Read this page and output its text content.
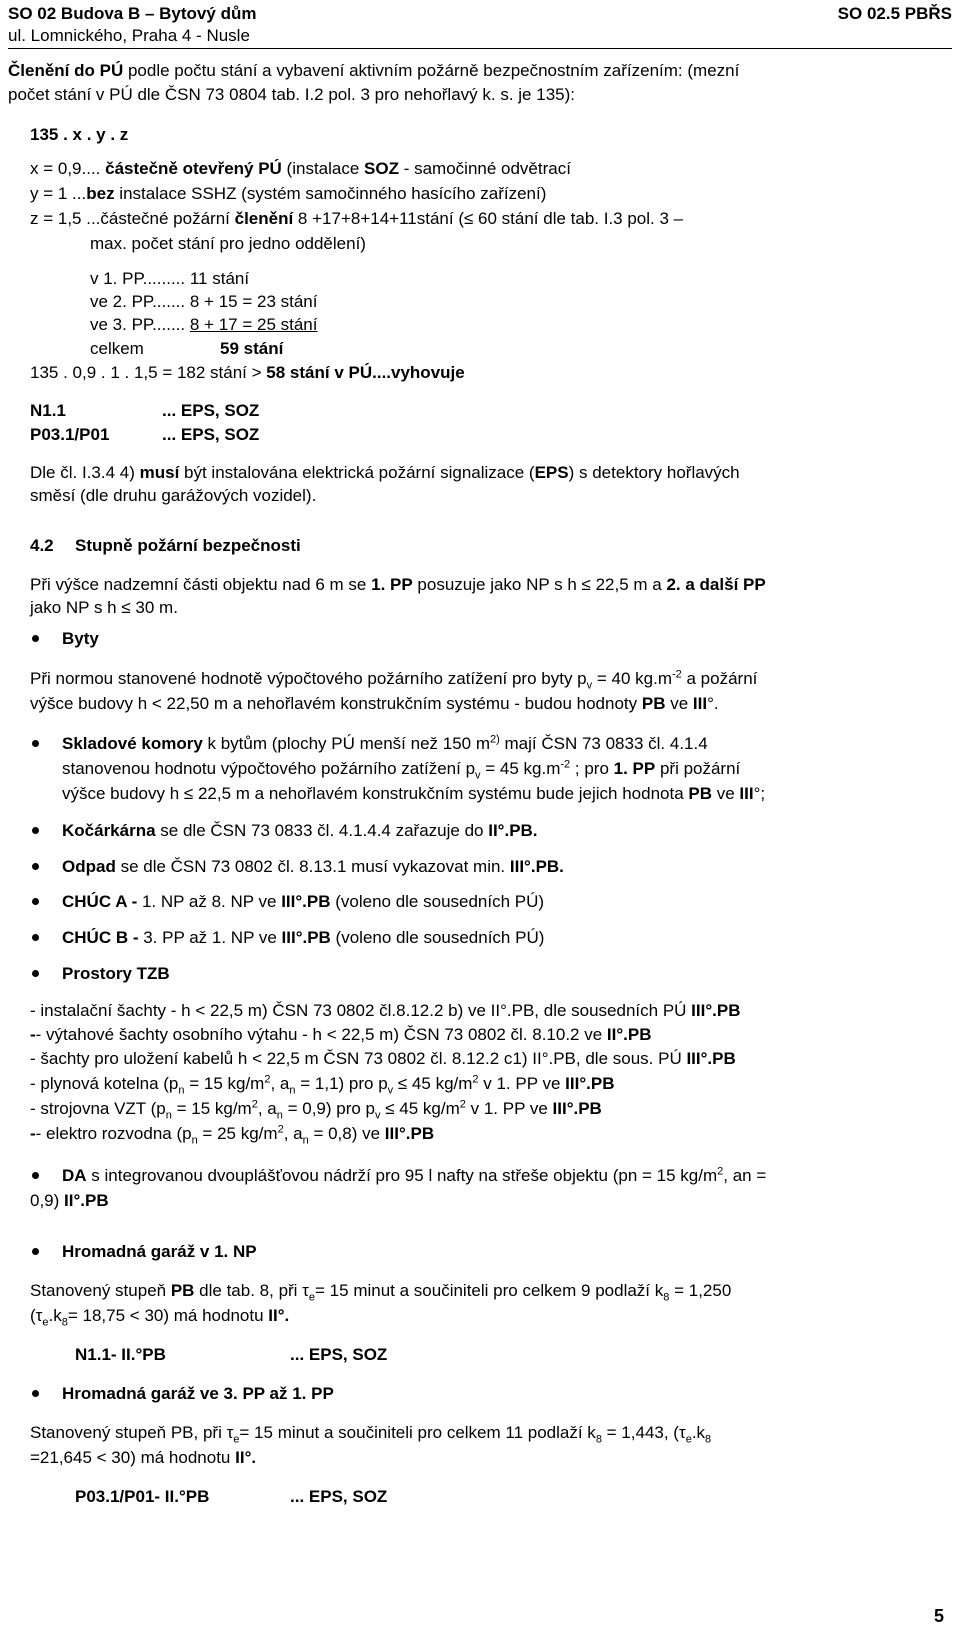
SO 02 Budova B – Bytový dům
ul. Lomnického, Praha 4 - Nusle
SO 02.5 PBŘS
Členění do PÚ podle počtu stání a vybavení aktivním požárně bezpečnostním zařízením: (mezní
počet stání v PÚ dle ČSN 73 0804 tab. I.2 pol. 3 pro nehořlavý k. s. je 135):
135 . x . y . z
x = 0,9.... částečně otevřený PÚ (instalace SOZ - samočinné odvětrací
y = 1 ...bez instalace SSHZ (systém samočinného hasícího zařízení)
z = 1,5 ...částečné požární členění 8 +17+8+14+11stání (≤ 60 stání dle tab. I.3 pol. 3 –
max. počet stání pro jedno oddělení)
v 1. PP......... 11 stání
ve 2. PP....... 8 + 15 = 23 stání
ve 3. PP....... 8 + 17 = 25 stání
celkem	59 stání
135 . 0,9 . 1 . 1,5 = 182 stání > 58 stání v PÚ....vyhovuje
N1.1	... EPS, SOZ
P03.1/P01	... EPS, SOZ
Dle čl. I.3.4 4) musí být instalována elektrická požární signalizace (EPS) s detektory hořlavých
směsí (dle druhu garážových vozidel).
4.2 Stupně požární bezpečnosti
Při výšce nadzemní části objektu nad 6 m se 1. PP posuzuje jako NP s h ≤ 22,5 m a 2. a další PP
jako NP s h ≤ 30 m.
Byty
Při normou stanovené hodnotě výpočtového požárního zatížení pro byty $p_v = 40$ $kg.m^{-2}$ a požární
výšce budovy h < 22,50 m a nehořlavém konstrukčním systému - budou hodnoty PB ve III°.
Skladové komory k bytům (plochy PÚ menší než 150 $m^{2)}$ mají ČSN 73 0833 čl. 4.1.4
stanovenou hodnotu výpočtového požárního zatížení $p_v = 45$ $kg.m^{-2}$ ; pro 1. PP při požární
výšce budovy h ≤ 22,5 m a nehořlavém konstrukčním systému bude jejich hodnota PB ve III°;
Kočárkárna se dle ČSN 73 0833 čl. 4.1.4.4 zařazuje do II°.PB.
Odpad se dle ČSN 73 0802 čl. 8.13.1 musí vykazovat min. III°.PB.
CHÚC A - 1. NP až 8. NP ve III°.PB (voleno dle sousedních PÚ)
CHÚC B - 3. PP až 1. NP ve III°.PB (voleno dle sousedních PÚ)
Prostory TZB
- instalační šachty - h < 22,5 m) ČSN 73 0802 čl.8.12.2 b) ve II°.PB, dle sousedních PÚ III°.PB
-- výtahové šachty osobního výtahu - h < 22,5 m) ČSN 73 0802 čl. 8.10.2 ve II°.PB
- šachty pro uložení kabelů h < 22,5 m ČSN 73 0802 čl. 8.12.2 c1) II°.PB, dle sous. PÚ III°.PB
- plynová kotelna ($p_n = 15$ $kg/m^2$, $a_n = 1,1$) pro $p_v \le 45$ $kg/m^2$ v 1. PP ve III°.PB
- strojovna VZT ($p_n = 15$ $kg/m^2$, $a_n = 0,9$) pro $p_v \le 45$ $kg/m^2$ v 1. PP ve III°.PB
-- elektro rozvodna ($p_n = 25$ $kg/m^2$, $a_n = 0,8$) ve III°.PB
DA s integrovanou dvouplášťovou nádrží pro 95 l nafty na střeše objektu (pn = 15 $kg/m^2$, an =
0,9) II°.PB
Hromadná garáž v 1. NP
Stanovený stupeň PB dle tab. 8, při $\tau_e= 15$ minut a součiniteli pro celkem 9 podlaží $k_8 = 1,250$
$(\tau_e.k_8= 18,75 < 30)$ má hodnotu II°.
N1.1- II.°PB	... EPS, SOZ
Hromadná garáž ve 3. PP až 1. PP
Stanovený stupeň PB, při $\tau_e= 15$ minut a součiniteli pro celkem 11 podlaží $k_8 = 1,443$, ($\tau_e.k_8$
=21,645 < 30) má hodnotu II°.
P03.1/P01- II.°PB	... EPS, SOZ
5
